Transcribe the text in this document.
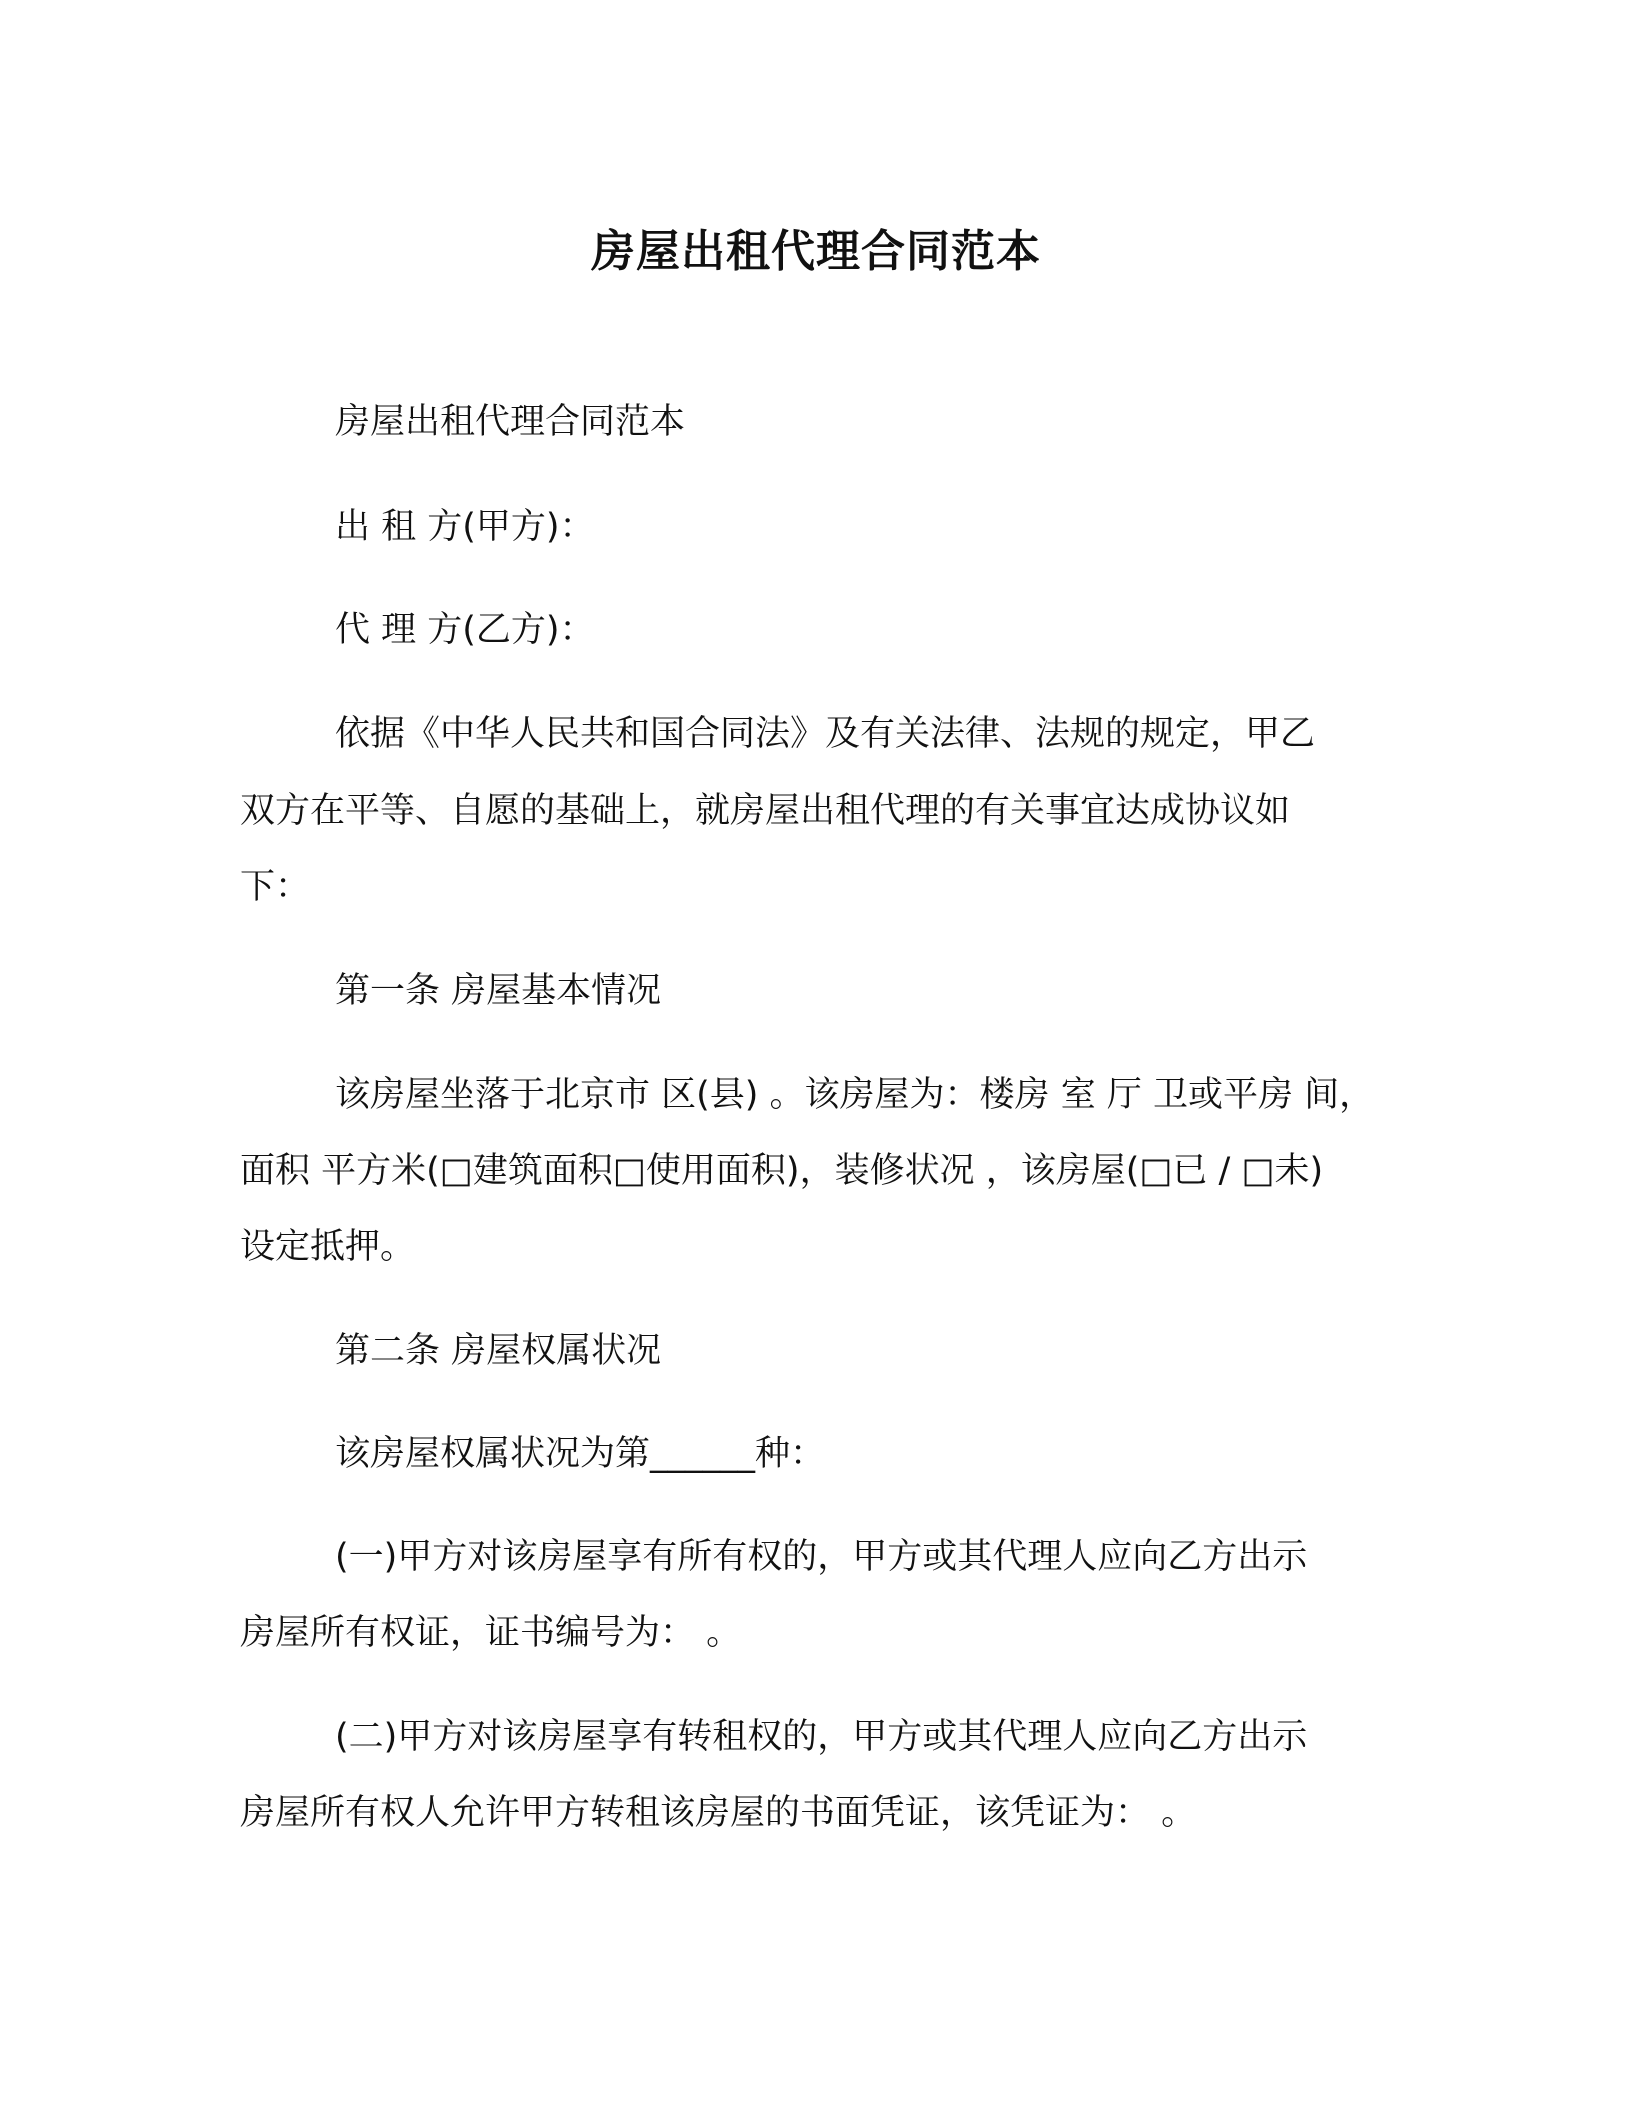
房屋出租代理合同范本
房屋出租代理合同范本
出 租 方(甲方)：
代 理 方(乙方)：
依据《中华人民共和国合同法》及有关法律、法规的规定，甲乙
双方在平等、自愿的基础上，就房屋出租代理的有关事宜达成协议如
下：
第一条 房屋基本情况
该房屋坐落于北京市 区(县) 。该房屋为：楼房 室 厅 卫或平房 间，
面积 平方米(□建筑面积□使用面积)，装修状况 ，该房屋(□已 / □未)
设定抵押。
第二条 房屋权属状况
该房屋权属状况为第______种：
(一)甲方对该房屋享有所有权的，甲方或其代理人应向乙方出示
房屋所有权证，证书编号为： 。
(二)甲方对该房屋享有转租权的，甲方或其代理人应向乙方出示
房屋所有权人允许甲方转租该房屋的书面凭证，该凭证为： 。
